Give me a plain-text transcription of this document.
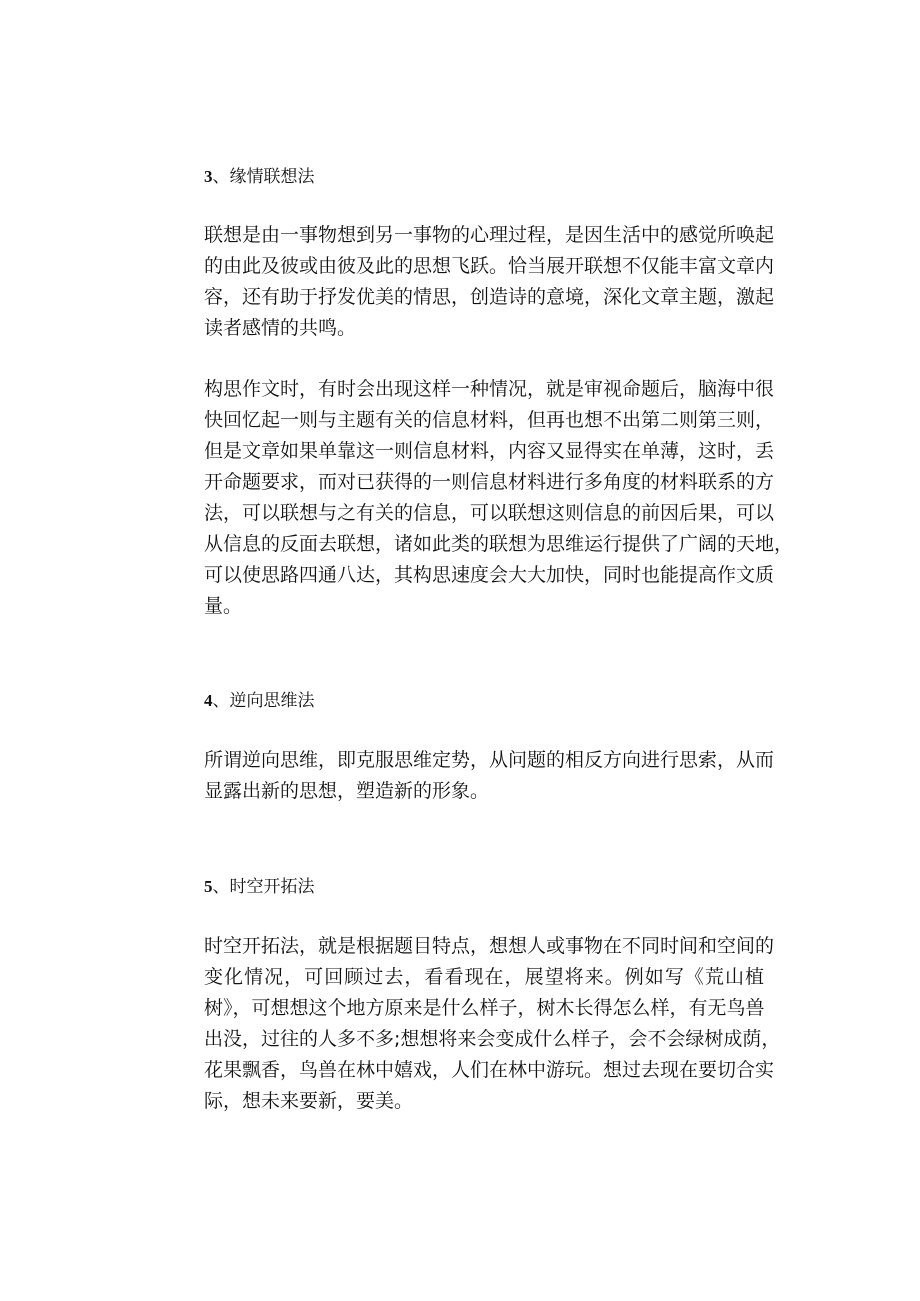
3、缘情联想法

联想是由一事物想到另一事物的心理过程，是因生活中的感觉所唤起
的由此及彼或由彼及此的思想飞跃。恰当展开联想不仅能丰富文章内
容，还有助于抒发优美的情思，创造诗的意境，深化文章主题，激起
读者感情的共鸣。

构思作文时，有时会出现这样一种情况，就是审视命题后，脑海中很
快回忆起一则与主题有关的信息材料，但再也想不出第二则第三则，
但是文章如果单靠这一则信息材料，内容又显得实在单薄，这时，丢
开命题要求，而对已获得的一则信息材料进行多角度的材料联系的方
法，可以联想与之有关的信息，可以联想这则信息的前因后果，可以
从信息的反面去联想，诸如此类的联想为思维运行提供了广阔的天地，
可以使思路四通八达，其构思速度会大大加快，同时也能提高作文质
量。

4、逆向思维法

所谓逆向思维，即克服思维定势，从问题的相反方向进行思索，从而
显露出新的思想，塑造新的形象。

5、时空开拓法

时空开拓法，就是根据题目特点，想想人或事物在不同时间和空间的
变化情况，可回顾过去，看看现在，展望将来。例如写《荒山植
树》，可想想这个地方原来是什么样子，树木长得怎么样，有无鸟兽
出没，过往的人多不多;想想将来会变成什么样子，会不会绿树成荫，
花果飘香，鸟兽在林中嬉戏，人们在林中游玩。想过去现在要切合实
际，想未来要新，要美。
